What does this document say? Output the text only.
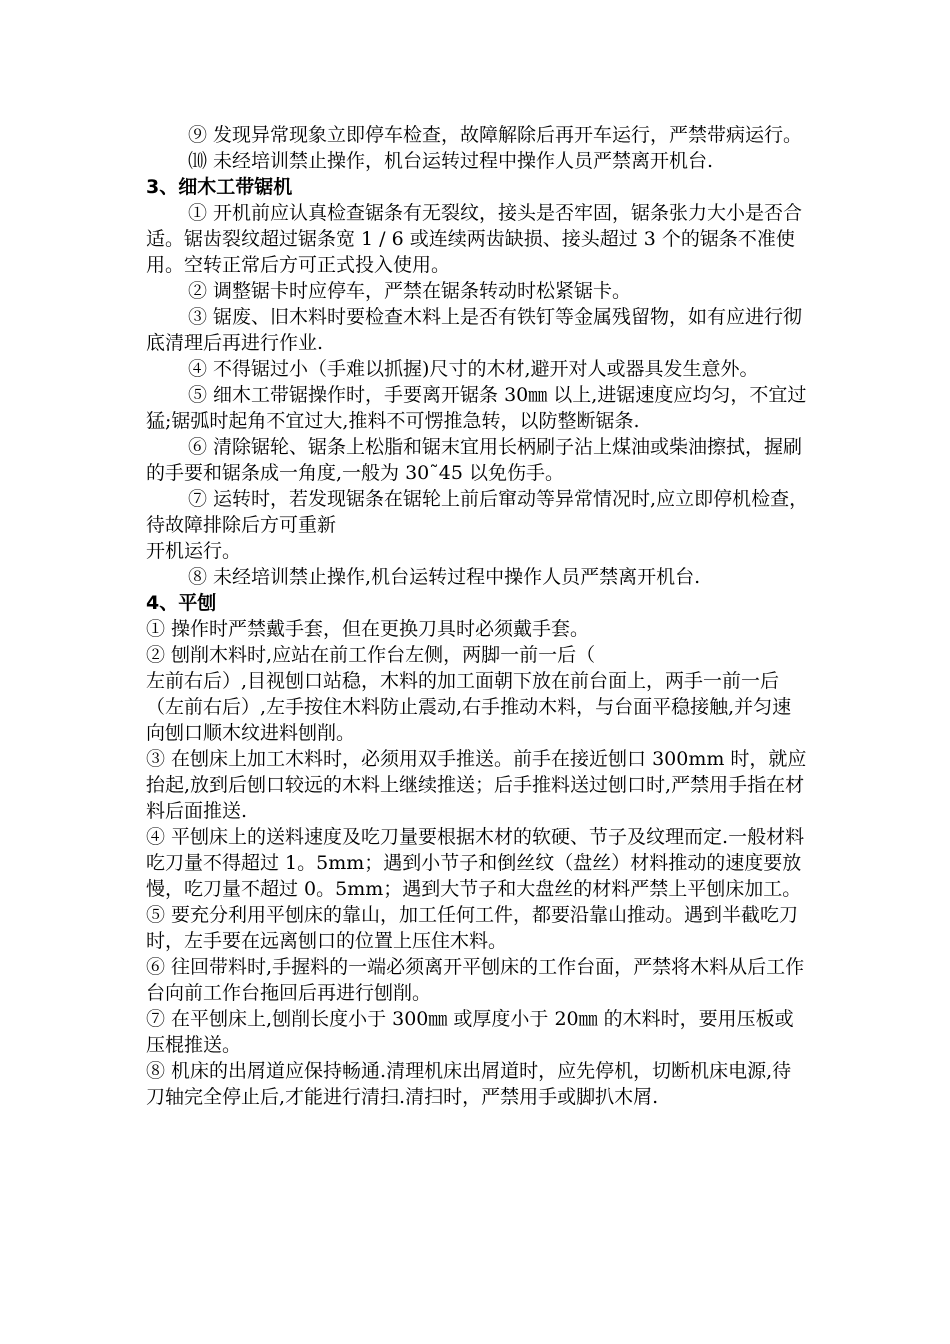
⑨ 发现异常现象立即停车检查，故障解除后再开车运行，严禁带病运行。

⑽ 未经培训禁止操作，机台运转过程中操作人员严禁离开机台.

3、细木工带锯机

① 开机前应认真检查锯条有无裂纹，接头是否牢固，锯条张力大小是否合适。锯齿裂纹超过锯条宽 1 / 6 或连续两齿缺损、接头超过 3 个的锯条不准使用。空转正常后方可正式投入使用。

② 调整锯卡时应停车，严禁在锯条转动时松紧锯卡。

③ 锯废、旧木料时要检查木料上是否有铁钉等金属残留物，如有应进行彻底清理后再进行作业.

④ 不得锯过小（手难以抓握)尺寸的木材,避开对人或器具发生意外。

⑤ 细木工带锯操作时，手要离开锯条 30㎜ 以上,进锯速度应均匀，不宜过猛;锯弧时起角不宜过大,推料不可愣推急转，以防整断锯条.

⑥ 清除锯轮、锯条上松脂和锯末宜用长柄刷子沾上煤油或柴油擦拭，握刷的手要和锯条成一角度,一般为 30˜45 以免伤手。

⑦ 运转时，若发现锯条在锯轮上前后窜动等异常情况时,应立即停机检查，待故障排除后方可重新

开机运行。

⑧ 未经培训禁止操作,机台运转过程中操作人员严禁离开机台.

4、平刨

① 操作时严禁戴手套，但在更换刀具时必须戴手套。

② 刨削木料时,应站在前工作台左侧，两脚一前一后（

左前右后）,目视刨口站稳，木料的加工面朝下放在前台面上，两手一前一后（左前右后）,左手按住木料防止震动,右手推动木料，与台面平稳接触,并匀速向刨口顺木纹进料刨削。

③ 在刨床上加工木料时，必须用双手推送。前手在接近刨口 300mm 时，就应抬起,放到后刨口较远的木料上继续推送；后手推料送过刨口时,严禁用手指在材料后面推送.

④ 平刨床上的送料速度及吃刀量要根据木材的软硬、节子及纹理而定.一般材料吃刀量不得超过 1。5mm；遇到小节子和倒丝纹（盘丝）材料推动的速度要放慢，吃刀量不超过 0。5mm；遇到大节子和大盘丝的材料严禁上平刨床加工。

⑤ 要充分利用平刨床的靠山，加工任何工件，都要沿靠山推动。遇到半截吃刀时，左手要在远离刨口的位置上压住木料。

⑥ 往回带料时,手握料的一端必须离开平刨床的工作台面，严禁将木料从后工作台向前工作台拖回后再进行刨削。

⑦ 在平刨床上,刨削长度小于 300㎜ 或厚度小于 20㎜ 的木料时，要用压板或压棍推送。

⑧ 机床的出屑道应保持畅通.清理机床出屑道时，应先停机，切断机床电源,待刀轴完全停止后,才能进行清扫.清扫时，严禁用手或脚扒木屑.
